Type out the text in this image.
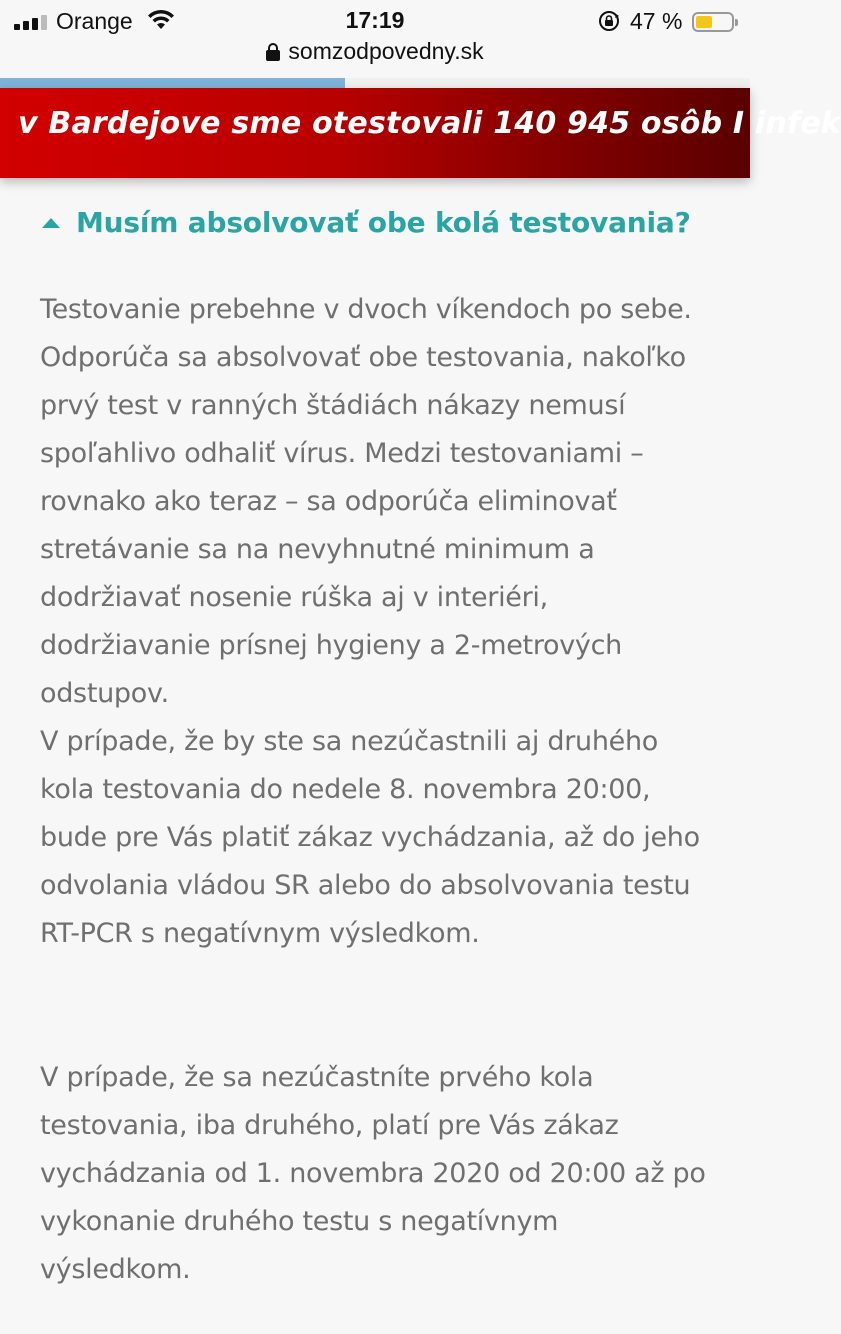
Orange	17:19	47 %
somzodpovedny.sk
v Bardejove sme otestovali 140 945 osôb I infek
Musím absolvovať obe kolá testovania?
Testovanie prebehne v dvoch víkendoch po sebe.
Odporúča sa absolvovať obe testovania, nakoľko
prvý test v ranných štádiách nákazy nemusí
spoľahlivo odhaliť vírus. Medzi testovaniami –
rovnako ako teraz – sa odporúča eliminovať
stretávanie sa na nevyhnutné minimum a
dodržiavať nosenie rúška aj v interiéri,
dodržiavanie prísnej hygieny a 2-metrových
odstupov.
V prípade, že by ste sa nezúčastnili aj druhého
kola testovania do nedele 8. novembra 20:00,
bude pre Vás platiť zákaz vychádzania, až do jeho
odvolania vládou SR alebo do absolvovania testu
RT-PCR s negatívnym výsledkom.
V prípade, že sa nezúčastníte prvého kola
testovania, iba druhého, platí pre Vás zákaz
vychádzania od 1. novembra 2020 od 20:00 až po
vykonanie druhého testu s negatívnym
výsledkom.
